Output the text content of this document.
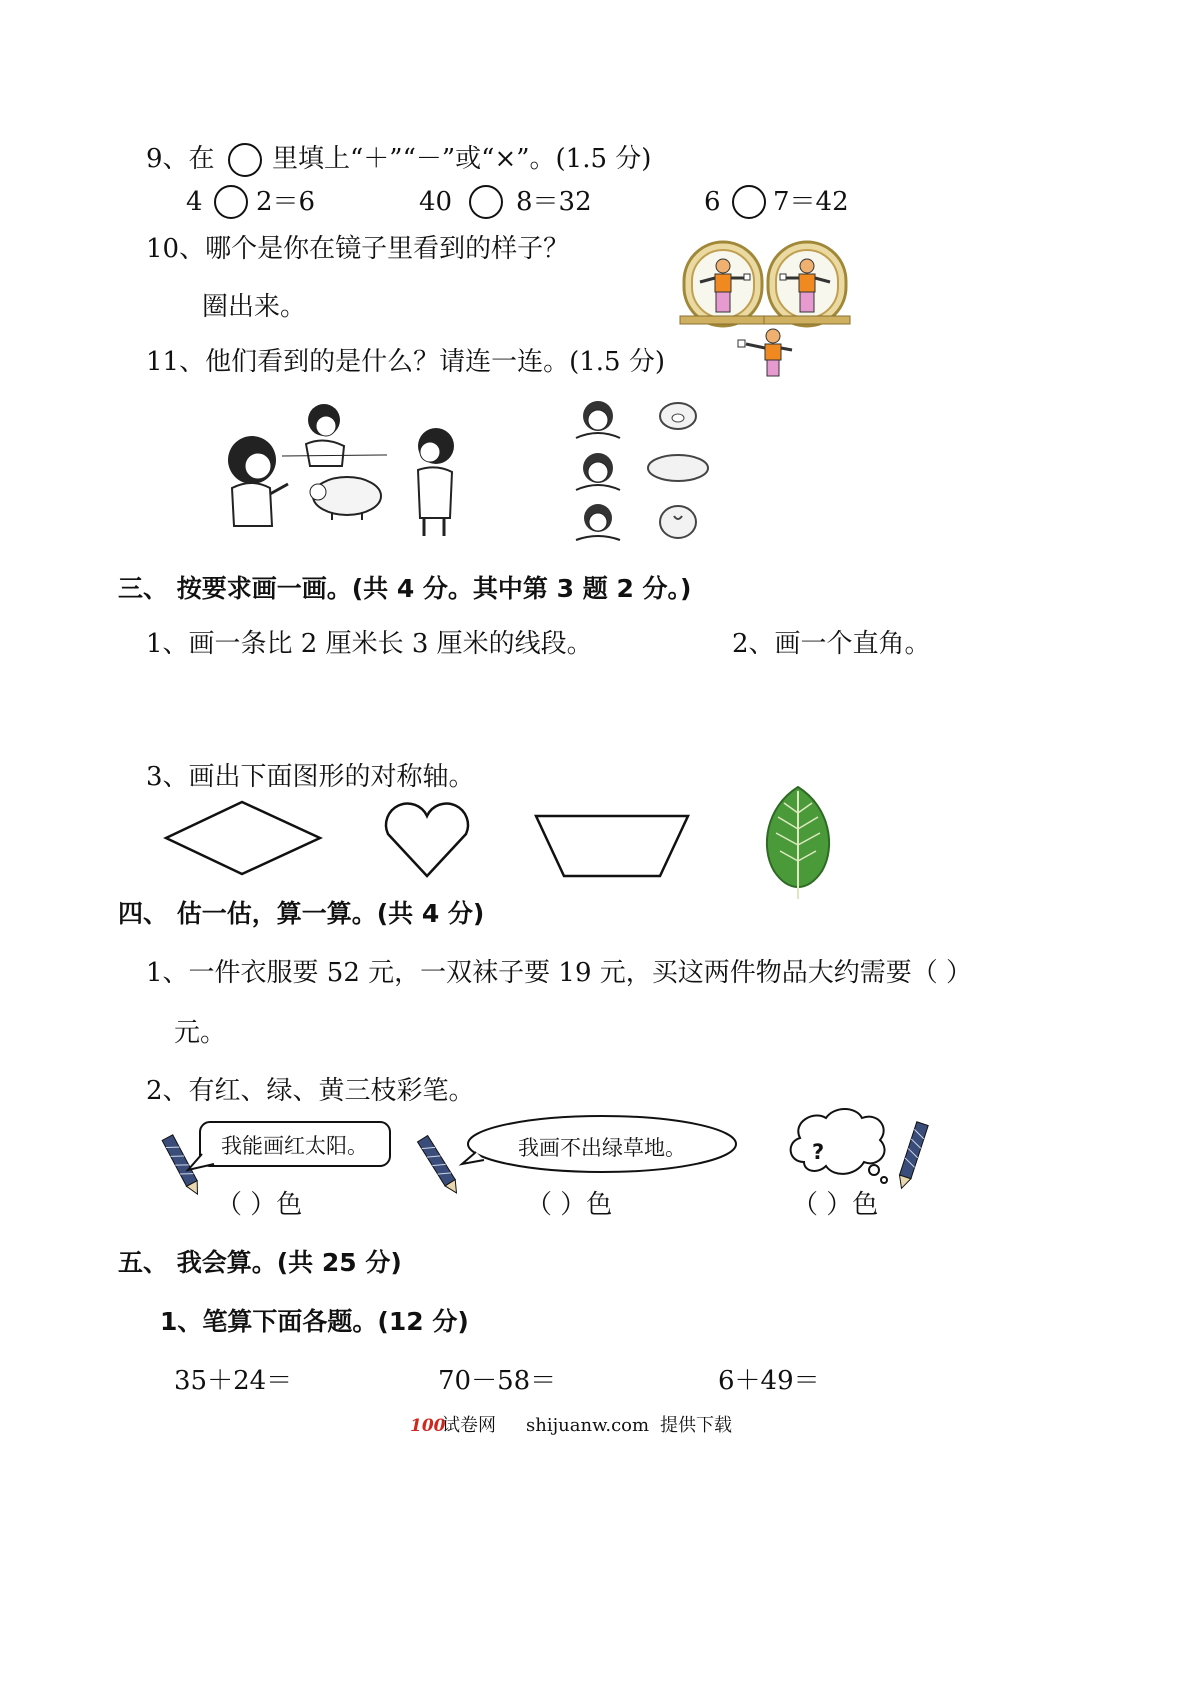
9、在 里填上“＋”“－”或“×”。(1.5 分)
4 2＝6	40 8＝32	6 7＝42
10、哪个是你在镜子里看到的样子？
圈出来。
11、他们看到的是什么？请连一连。(1.5 分)
三、 按要求画一画。(共 4 分。其中第 3 题 2 分。)
1、画一条比 2 厘米长 3 厘米的线段。	2、画一个直角。
3、画出下面图形的对称轴。
四、 估一估，算一算。(共 4 分)
1、一件衣服要 52 元，一双袜子要 19 元，买这两件物品大约需要（ ）
元。
2、有红、绿、黄三枝彩笔。
我能画红太阳。	我画不出绿草地。	?
（ ）色	（ ）色	（ ）色
五、 我会算。(共 25 分)
1、笔算下面各题。(12 分)
35＋24＝	70－58＝	6＋49＝
100
试卷网 shijuanw.com 提供下载
